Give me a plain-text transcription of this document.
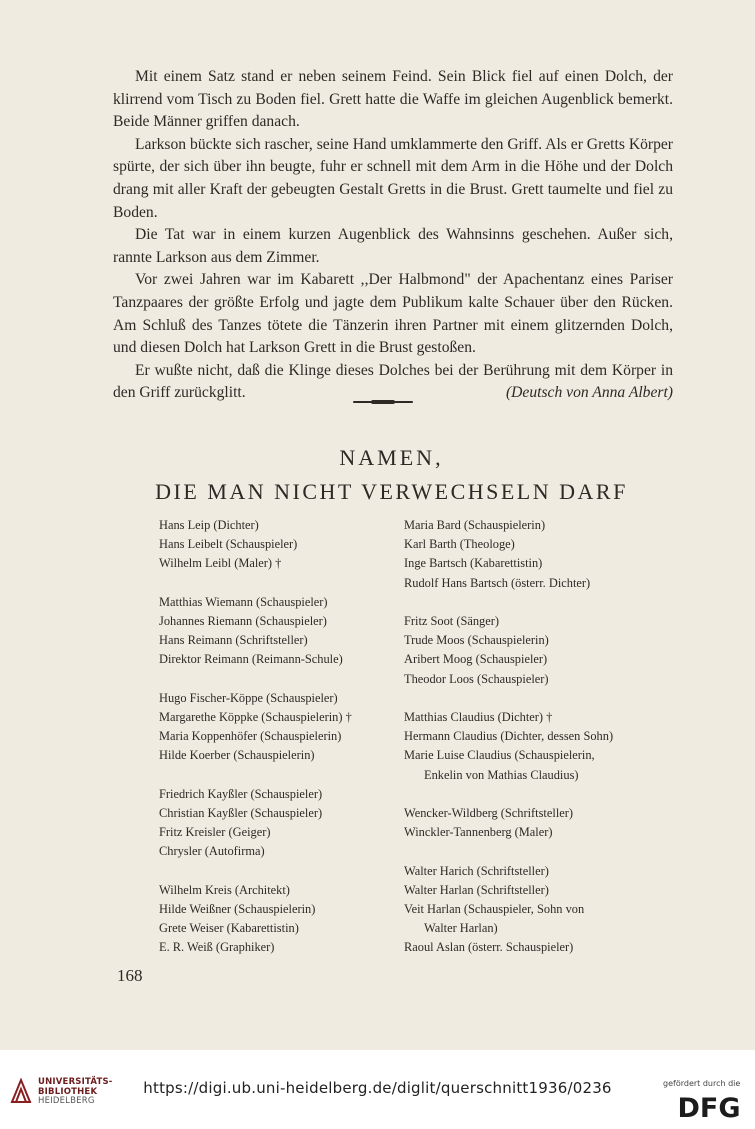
Mit einem Satz stand er neben seinem Feind. Sein Blick fiel auf einen Dolch, der klirrend vom Tisch zu Boden fiel. Grett hatte die Waffe im gleichen Augenblick bemerkt. Beide Männer griffen danach.

Larkson bückte sich rascher, seine Hand umklammerte den Griff. Als er Gretts Körper spürte, der sich über ihn beugte, fuhr er schnell mit dem Arm in die Höhe und der Dolch drang mit aller Kraft der gebeugten Gestalt Gretts in die Brust. Grett taumelte und fiel zu Boden.

Die Tat war in einem kurzen Augenblick des Wahnsinns geschehen. Außer sich, rannte Larkson aus dem Zimmer.

Vor zwei Jahren war im Kabarett ,,Der Halbmond" der Apachentanz eines Pariser Tanzpaares der größte Erfolg und jagte dem Publikum kalte Schauer über den Rücken. Am Schluß des Tanzes tötete die Tänzerin ihren Partner mit einem glitzernden Dolch, und diesen Dolch hat Larkson Grett in die Brust gestoßen.

Er wußte nicht, daß die Klinge dieses Dolches bei der Berührung mit dem Körper in den Griff zurückglitt.	(Deutsch von Anna Albert)

NAMEN,
DIE MAN NICHT VERWECHSELN DARF
Hans Leip (Dichter)
Hans Leibelt (Schauspieler)
Wilhelm Leibl (Maler) †
Matthias Wiemann (Schauspieler)
Johannes Riemann (Schauspieler)
Hans Reimann (Schriftsteller)
Direktor Reimann (Reimann-Schule)
Hugo Fischer-Köppe (Schauspieler)
Margarethe Köppke (Schauspielerin) †
Maria Koppenhöfer (Schauspielerin)
Hilde Koerber (Schauspielerin)
Friedrich Kayßler (Schauspieler)
Christian Kayßler (Schauspieler)
Fritz Kreisler (Geiger)
Chrysler (Autofirma)
Wilhelm Kreis (Architekt)
Hilde Weißner (Schauspielerin)
Grete Weiser (Kabarettistin)
E. R. Weiß (Graphiker)
Maria Bard (Schauspielerin)
Karl Barth (Theologe)
Inge Bartsch (Kabarettistin)
Rudolf Hans Bartsch (österr. Dichter)
Fritz Soot (Sänger)
Trude Moos (Schauspielerin)
Aribert Moog (Schauspieler)
Theodor Loos (Schauspieler)
Matthias Claudius (Dichter) †
Hermann Claudius (Dichter, dessen Sohn)
Marie Luise Claudius (Schauspielerin,
Enkelin von Mathias Claudius)
Wencker-Wildberg (Schriftsteller)
Winckler-Tannenberg (Maler)
Walter Harich (Schriftsteller)
Walter Harlan (Schriftsteller)
Veit Harlan (Schauspieler, Sohn von
Walter Harlan)
Raoul Aslan (österr. Schauspieler)
168
UNIVERSITÄTS-
BIBLIOTHEK
HEIDELBERG
https://digi.ub.uni-heidelberg.de/diglit/querschnitt1936/0236	gefördert durch die
DFG
